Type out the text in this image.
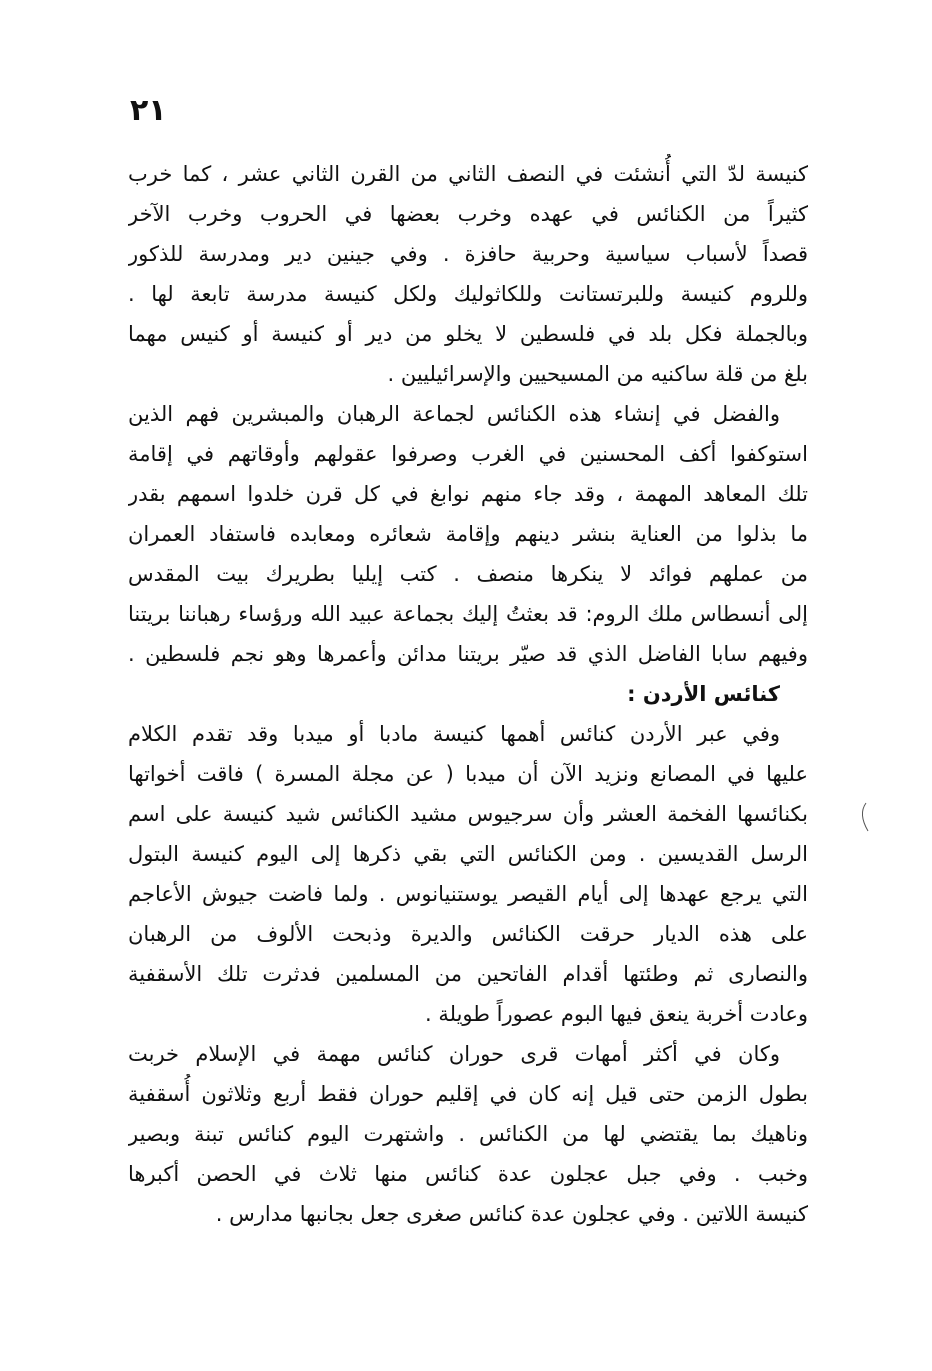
٢١
كنيسة لدّ التي أُنشئت في النصف الثاني من القرن الثاني عشر ، كما خرب
كثيراً من الكنائس في عهده وخرب بعضها في الحروب وخرب الآخر
قصداً لأسباب سياسية وحربية حافزة . وفي جينين دير ومدرسة للذكور
وللروم كنيسة وللبرتستانت وللكاثوليك ولكل كنيسة مدرسة تابعة لها .
وبالجملة فكل بلد في فلسطين لا يخلو من دير أو كنيسة أو كنيس مهما
بلغ من قلة ساكنيه من المسيحيين والإسرائيليين .
والفضل في إنشاء هذه الكنائس لجماعة الرهبان والمبشرين فهم الذين
استوكفوا أكف المحسنين في الغرب وصرفوا عقولهم وأوقاتهم في إقامة
تلك المعاهد المهمة ، وقد جاء منهم نوابغ في كل قرن خلدوا اسمهم بقدر
ما بذلوا من العناية بنشر دينهم وإقامة شعائره ومعابده فاستفاد العمران
من عملهم فوائد لا ينكرها منصف . كتب إيليا بطريرك بيت المقدس
إلى أنسطاس ملك الروم: قد بعثتُ إليك بجماعة عبيد الله ورؤساء رهباننا بريتنا
وفيهم سابا الفاضل الذي قد صيّر بريتنا مدائن وأعمرها وهو نجم فلسطين .
كنائس الأردن :
وفي عبر الأردن كنائس أهمها كنيسة مادبا أو ميدبا وقد تقدم الكلام
عليها في المصانع ونزيد الآن أن ميدبا ( عن مجلة المسرة ) فاقت أخواتها
بكنائسها الفخمة العشر وأن سرجيوس مشيد الكنائس شيد كنيسة على اسم
الرسل القديسين . ومن الكنائس التي بقي ذكرها إلى اليوم كنيسة البتول
التي يرجع عهدها إلى أيام القيصر يوستنيانوس . ولما فاضت جيوش الأعاجم
على هذه الديار حرقت الكنائس والديرة وذبحت الألوف من الرهبان
والنصارى ثم وطئتها أقدام الفاتحين من المسلمين فدثرت تلك الأسقفية
وعادت أخربة ينعق فيها البوم عصوراً طويلة .
وكان في أكثر أمهات قرى حوران كنائس مهمة في الإسلام خربت
بطول الزمن حتى قيل إنه كان في إقليم حوران فقط أربع وثلاثون أُسقفية
وناهيك بما يقتضي لها من الكنائس . واشتهرت اليوم كنائس تبنة وبصير
وخبب . وفي جبل عجلون عدة كنائس منها ثلاث في الحصن أكبرها
كنيسة اللاتين . وفي عجلون عدة كنائس صغرى جعل بجانبها مدارس .
